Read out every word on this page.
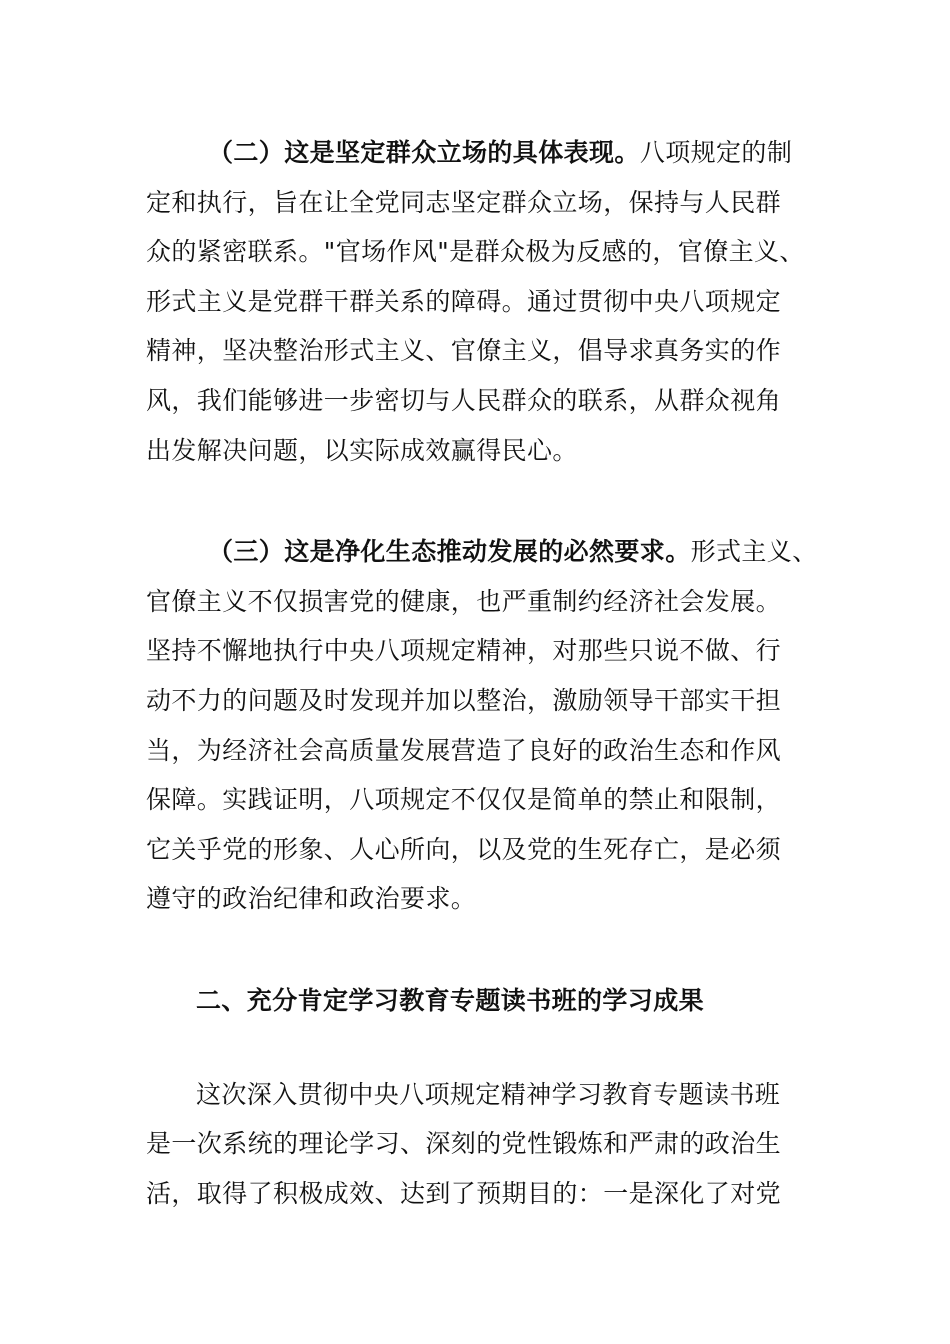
（二）这是坚定群众立场的具体表现。八项规定的制
定和执行，旨在让全党同志坚定群众立场，保持与人民群
众的紧密联系。"官场作风"是群众极为反感的，官僚主义、
形式主义是党群干群关系的障碍。通过贯彻中央八项规定
精神，坚决整治形式主义、官僚主义，倡导求真务实的作
风，我们能够进一步密切与人民群众的联系，从群众视角
出发解决问题，以实际成效赢得民心。
（三）这是净化生态推动发展的必然要求。形式主义、
官僚主义不仅损害党的健康，也严重制约经济社会发展。
坚持不懈地执行中央八项规定精神，对那些只说不做、行
动不力的问题及时发现并加以整治，激励领导干部实干担
当，为经济社会高质量发展营造了良好的政治生态和作风
保障。实践证明，八项规定不仅仅是简单的禁止和限制，
它关乎党的形象、人心所向，以及党的生死存亡，是必须
遵守的政治纪律和政治要求。
二、充分肯定学习教育专题读书班的学习成果
这次深入贯彻中央八项规定精神学习教育专题读书班
是一次系统的理论学习、深刻的党性锻炼和严肃的政治生
活，取得了积极成效、达到了预期目的：一是深化了对党
